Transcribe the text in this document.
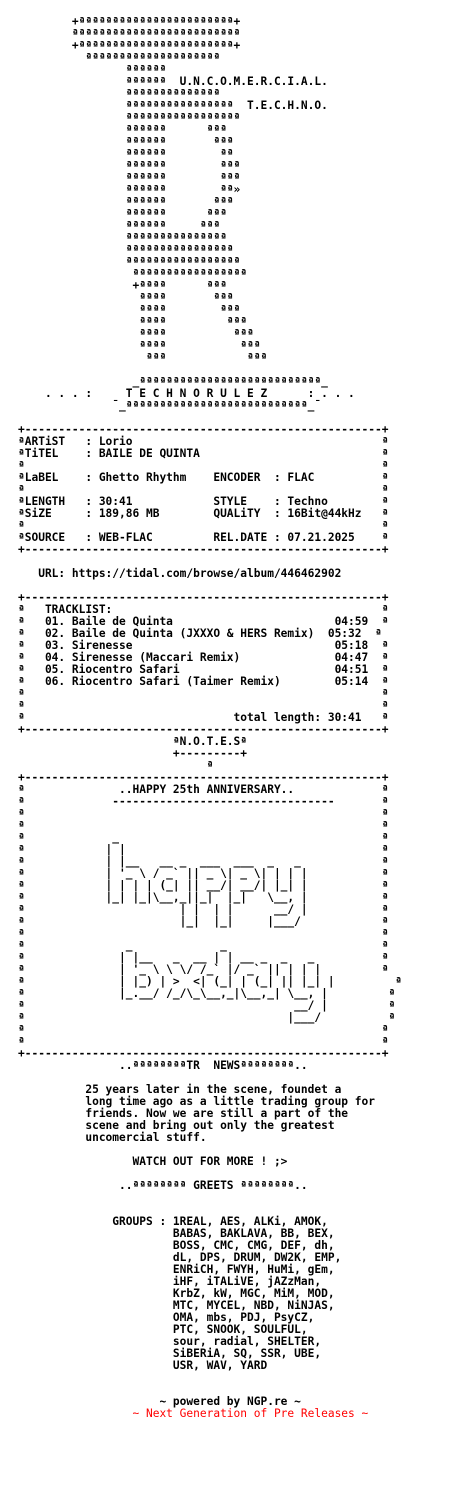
+ªªªªªªªªªªªªªªªªªªªªªªª+
ªªªªªªªªªªªªªªªªªªªªªªªªª
+ªªªªªªªªªªªªªªªªªªªªªªª+
ªªªªªªªªªªªªªªªªªªªª
ªªªªªª
ªªªªªª  U.N.C.O.M.E.R.C.I.A.L.
ªªªªªªªªªªªªªª
ªªªªªªªªªªªªªªªª  T.E.C.H.N.O.
ªªªªªªªªªªªªªªªªª
ªªªªªª      ªªª
ªªªªªª       ªªª
ªªªªªª        ªª
ªªªªªª        ªªª
ªªªªªª        ªªª
ªªªªªª        ªª»
ªªªªªª       ªªª
ªªªªªª      ªªª
ªªªªªª     ªªª
ªªªªªªªªªªªªªªª
ªªªªªªªªªªªªªªªª
ªªªªªªªªªªªªªªªªª
ªªªªªªªªªªªªªªªªª
+ªªªª      ªªª
ªªªª       ªªª
ªªªª        ªªª
ªªªª         ªªª
ªªªª          ªªª
ªªªª           ªªª
ªªª            ªªª
_ªªªªªªªªªªªªªªªªªªªªªªªªªªª_
. . . :     T E C H N O R U L E Z      : . . .
¯_ªªªªªªªªªªªªªªªªªªªªªªªªªªª_¯
+-----------------------------------------------------+
ªARTiST   : Lorio                                     ª
ªTiTEL    : BAILE DE QUINTA                           ª
ª                                                     ª
ªLaBEL    : Ghetto Rhythm    ENCODER  : FLAC          ª
ª                                                     ª
ªLENGTH   : 30:41            STYLE    : Techno        ª
ªSiZE     : 189,86 MB        QUALiTY  : 16Bit@44kHz   ª
ª                                                     ª
ªSOURCE   : WEB-FLAC         REL.DATE : 07.21.2025    ª
+-----------------------------------------------------+
URL: https://tidal.com/browse/album/446462902
+-----------------------------------------------------+
ª   TRACKLIST:                                        ª
ª   01. Baile de Quinta                        04:59  ª
ª   02. Baile de Quinta (JXXXO & HERS Remix)  05:32  ª
ª   03. Sirenesse                              05:18  ª
ª   04. Sirenesse (Maccari Remix)              04:47  ª
ª   05. Riocentro Safari                       04:51  ª
ª   06. Riocentro Safari (Taimer Remix)        05:14  ª
ª                                                     ª
ª                                                     ª
ª                               total length: 30:41   ª
+-----------------------------------------------------+
ªN.O.T.E.Sª
+---------+
ª
+-----------------------------------------------------+
ª              ..HAPPY 25th ANNIVERSARY..             ª
ª             ---------------------------------       ª
ª                                                     ª
ª                                                     ª
ª             _                                       ª
ª            | |                                      ª
ª            | |__   __ _  ___  ___  _   _            ª
ª            | '_ \ / _` || _ \| _ \| | | |           ª
ª            | | | | (_| || __/| __/| |_| |           ª
ª            |_| |_|\__,_||_|  |_|   \__, |           ª
ª                       | |  | |      __/ |           ª
ª                       |_|  |_|     |___/            ª
ª                                                     ª
ª               _             _                       ª
ª              | |__   _  __ | | __ _  _   _          ª
ª              | '_ \ \ \/ /_` |/ _` || | | |         ª
ª              | |_) | >  <| (_| | (_| || |_| |         ª
ª              |_.__/ /_/\_\__,_|\__,_| \__, |         ª
ª                                        __/ |         ª
ª                                       |___/          ª
ª                                                     ª
ª                                                     ª
+-----------------------------------------------------+
..ªªªªªªªªTR  NEWSªªªªªªªª..
25 years later in the scene, foundet a
long time ago as a little trading group for
friends. Now we are still a part of the
scene and bring out only the greatest
uncomercial stuff.
WATCH OUT FOR MORE ! ;>
..ªªªªªªªª GREETS ªªªªªªªª..
GROUPS : 1REAL, AES, ALKi, AMOK,
BABAS, BAKLAVA, BB, BEX,
BOSS, CMC, CMG, DEF, dh,
dL, DPS, DRUM, DW2K, EMP,
ENRiCH, FWYH, HuMi, gEm,
iHF, iTALiVE, jAZzMan,
KrbZ, kW, MGC, MiM, MOD,
MTC, MYCEL, NBD, NiNJAS,
OMA, mbs, PDJ, PsyCZ,
PTC, SNOOK, SOULFUL,
sour, radial, SHELTER,
SiBERiA, SQ, SSR, UBE,
USR, WAV, YARD
~ powered by NGP.re ~
~ Next Generation of Pre Releases ~
